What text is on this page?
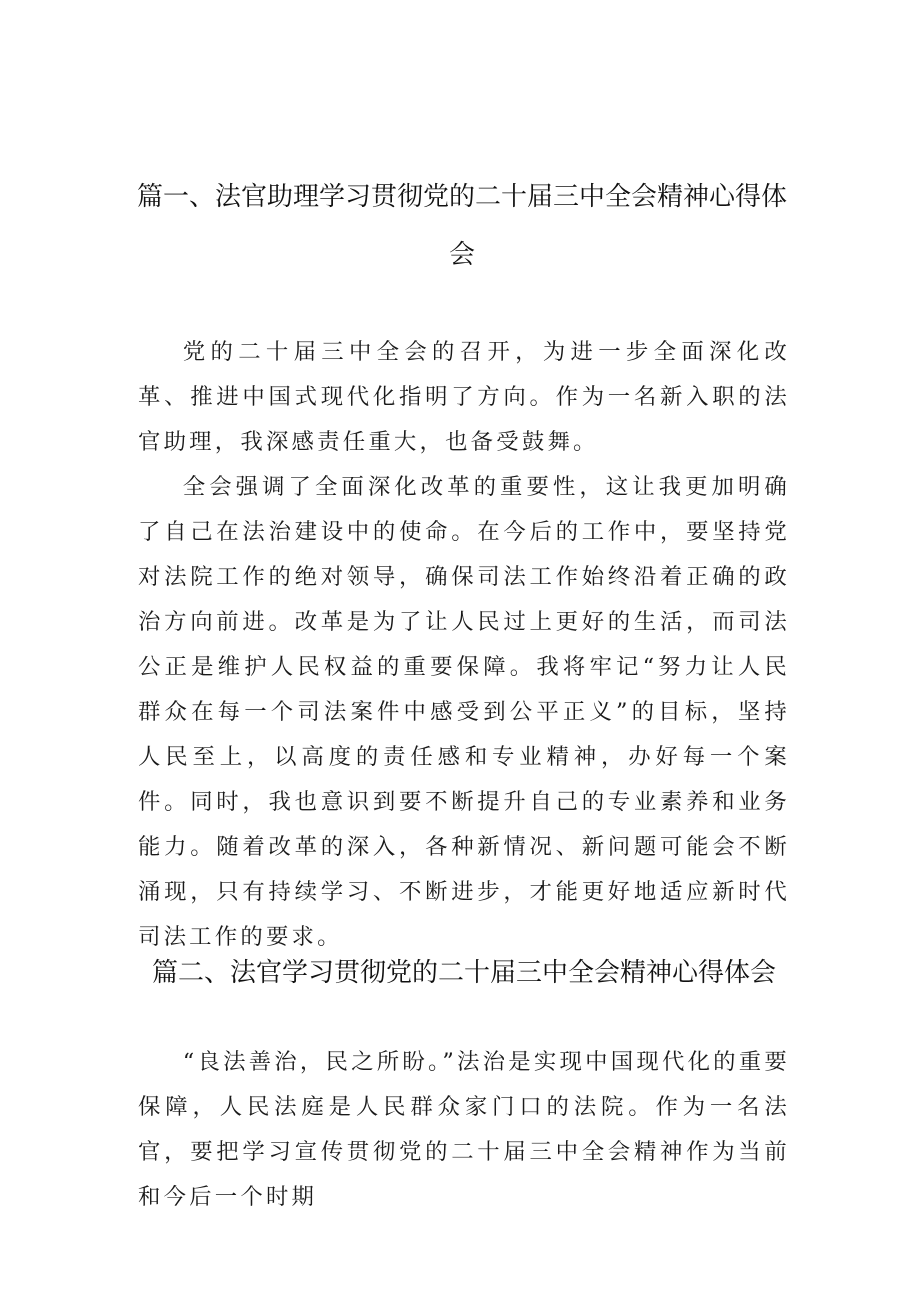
篇一、法官助理学习贯彻党的二十届三中全会精神心得体
会

党的二十届三中全会的召开，为进一步全面深化改革、推进中国式现代化指明了方向。作为一名新入职的法官助理，我深感责任重大，也备受鼓舞。

全会强调了全面深化改革的重要性，这让我更加明确了自己在法治建设中的使命。在今后的工作中，要坚持党对法院工作的绝对领导，确保司法工作始终沿着正确的政治方向前进。改革是为了让人民过上更好的生活，而司法公正是维护人民权益的重要保障。我将牢记“努力让人民群众在每一个司法案件中感受到公平正义”的目标，坚持人民至上，以高度的责任感和专业精神，办好每一个案件。同时，我也意识到要不断提升自己的专业素养和业务能力。随着改革的深入，各种新情况、新问题可能会不断涌现，只有持续学习、不断进步，才能更好地适应新时代司法工作的要求。

篇二、法官学习贯彻党的二十届三中全会精神心得体会

“良法善治，民之所盼。”法治是实现中国现代化的重要保障，人民法庭是人民群众家门口的法院。作为一名法官，要把学习宣传贯彻党的二十届三中全会精神作为当前和今后一个时期
